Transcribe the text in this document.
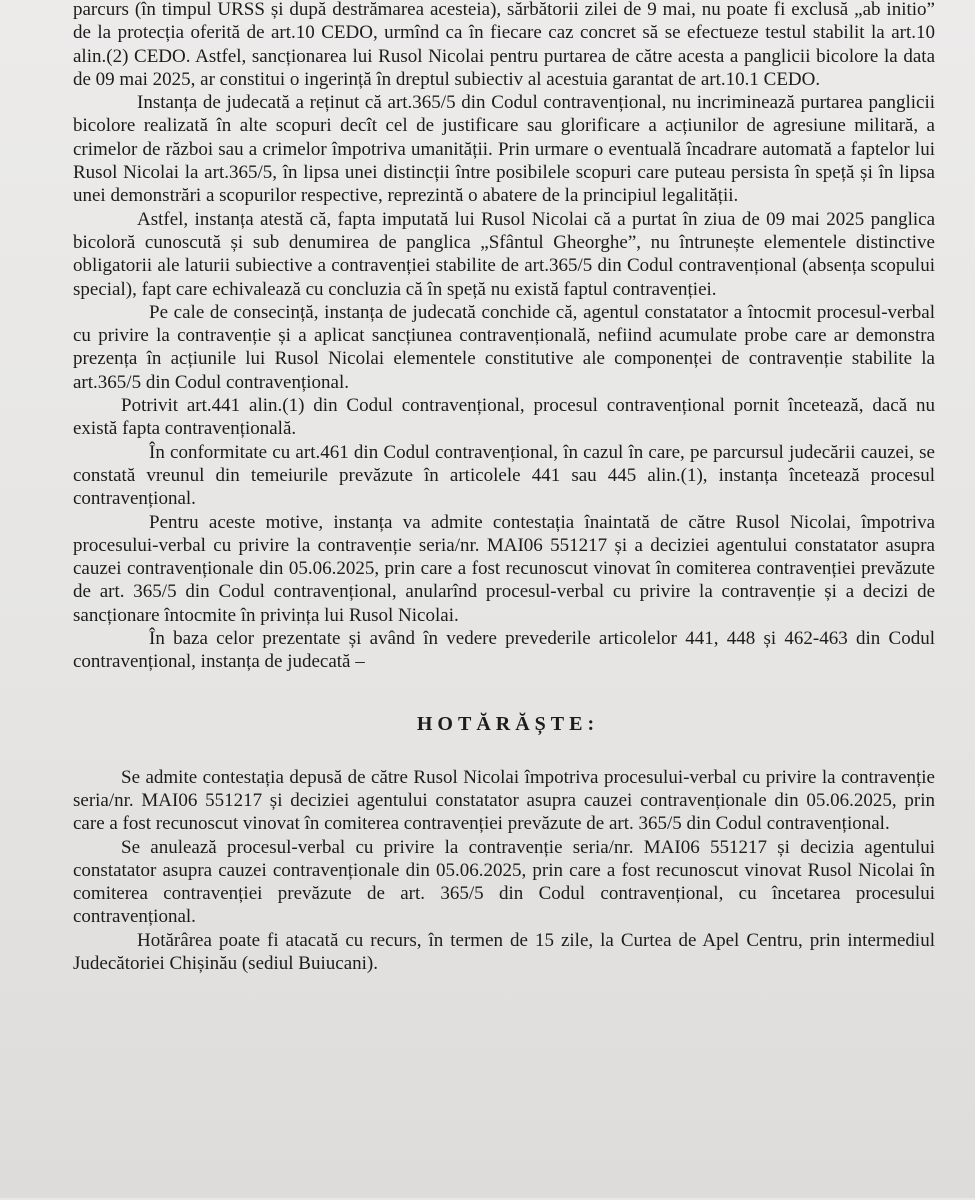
parcurs (în timpul URSS și după destrămarea acesteia), sărbătorii zilei de 9 mai, nu poate fi exclusă „ab initio” de la protecția oferită de art.10 CEDO, urmînd ca în fiecare caz concret să se efectueze testul stabilit la art.10 alin.(2) CEDO. Astfel, sancționarea lui Rusol Nicolai pentru purtarea de către acesta a panglicii bicolore la data de 09 mai 2025, ar constitui o ingerință în dreptul subiectiv al acestuia garantat de art.10.1 CEDO.

Instanța de judecată a reținut că art.365/5 din Codul contravențional, nu incriminează purtarea panglicii bicolore realizată în alte scopuri decît cel de justificare sau glorificare a acțiunilor de agresiune militară, a crimelor de război sau a crimelor împotriva umanității. Prin urmare o eventuală încadrare automată a faptelor lui Rusol Nicolai la art.365/5, în lipsa unei distincții între posibilele scopuri care puteau persista în speță și în lipsa unei demonstrări a scopurilor respective, reprezintă o abatere de la principiul legalității.

Astfel, instanța atestă că, fapta imputată lui Rusol Nicolai că a purtat în ziua de 09 mai 2025 panglica bicoloră cunoscută și sub denumirea de panglica „Sfântul Gheorghe”, nu întrunește elementele distinctive obligatorii ale laturii subiective a contravenției stabilite de art.365/5 din Codul contravențional (absența scopului special), fapt care echivalează cu concluzia că în speță nu există faptul contravenției.

Pe cale de consecință, instanța de judecată conchide că, agentul constatator a întocmit procesul-verbal cu privire la contravenție și a aplicat sancțiunea contravențională, nefiind acumulate probe care ar demonstra prezența în acțiunile lui Rusol Nicolai elementele constitutive ale componenței de contravenție stabilite la art.365/5 din Codul contravențional.

Potrivit art.441 alin.(1) din Codul contravențional, procesul contravențional pornit încetează, dacă nu există fapta contravențională.

În conformitate cu art.461 din Codul contravențional, în cazul în care, pe parcursul judecării cauzei, se constată vreunul din temeiurile prevăzute în articolele 441 sau 445 alin.(1), instanța încetează procesul contravențional.

Pentru aceste motive, instanța va admite contestația înaintată de către Rusol Nicolai, împotriva procesului-verbal cu privire la contravenție seria/nr. MAI06 551217 și a deciziei agentului constatator asupra cauzei contravenționale din 05.06.2025, prin care a fost recunoscut vinovat în comiterea contravenției prevăzute de art. 365/5 din Codul contravențional, anularînd procesul-verbal cu privire la contravenție și a decizi de sancționare întocmite în privința lui Rusol Nicolai.

În baza celor prezentate și având în vedere prevederile articolelor 441, 448 și 462-463 din Codul contravențional, instanța de judecată –

HOTĂRĂȘTE:

Se admite contestația depusă de către Rusol Nicolai împotriva procesului-verbal cu privire la contravenție seria/nr. MAI06 551217 și deciziei agentului constatator asupra cauzei contravenționale din 05.06.2025, prin care a fost recunoscut vinovat în comiterea contravenției prevăzute de art. 365/5 din Codul contravențional.

Se anulează procesul-verbal cu privire la contravenție seria/nr. MAI06 551217 și decizia agentului constatator asupra cauzei contravenționale din 05.06.2025, prin care a fost recunoscut vinovat Rusol Nicolai în comiterea contravenției prevăzute de art. 365/5 din Codul contravențional, cu încetarea procesului contravențional.

Hotărârea poate fi atacată cu recurs, în termen de 15 zile, la Curtea de Apel Centru, prin intermediul Judecătoriei Chișinău (sediul Buiucani).
